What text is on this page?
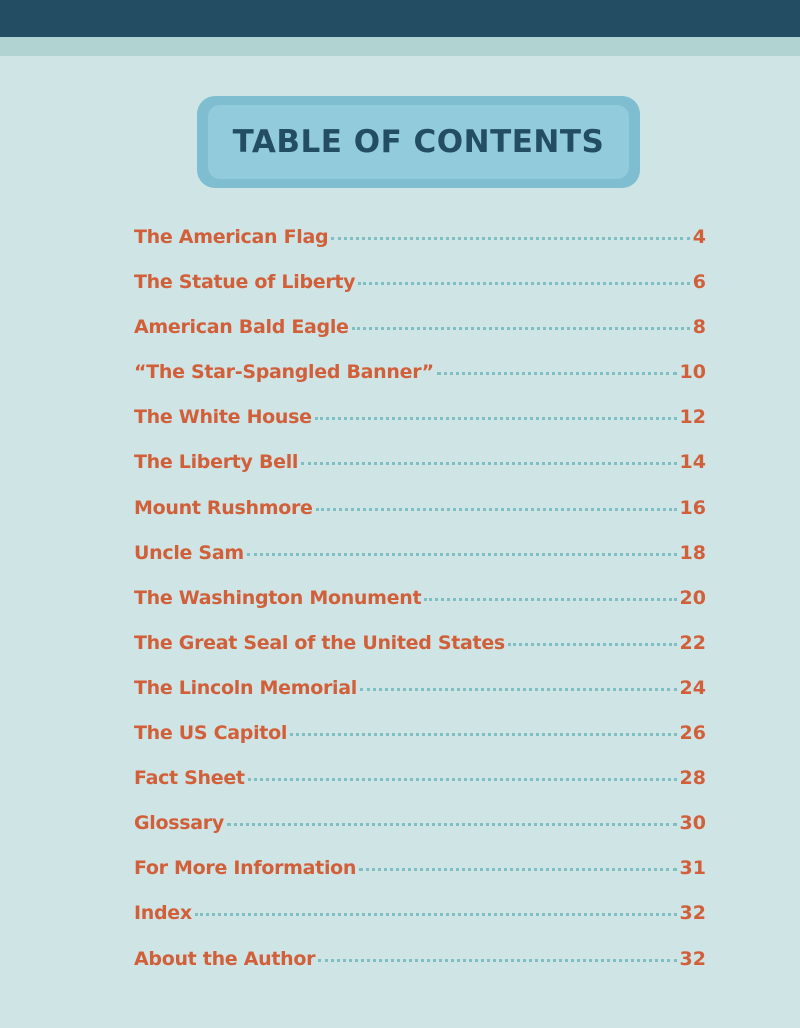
TABLE OF CONTENTS
The American Flag	4
The Statue of Liberty	6
American Bald Eagle	8
“The Star-Spangled Banner”	10
The White House	12
The Liberty Bell	14
Mount Rushmore	16
Uncle Sam	18
The Washington Monument	20
The Great Seal of the United States	22
The Lincoln Memorial	24
The US Capitol	26
Fact Sheet	28
Glossary	30
For More Information	31
Index	32
About the Author	32
